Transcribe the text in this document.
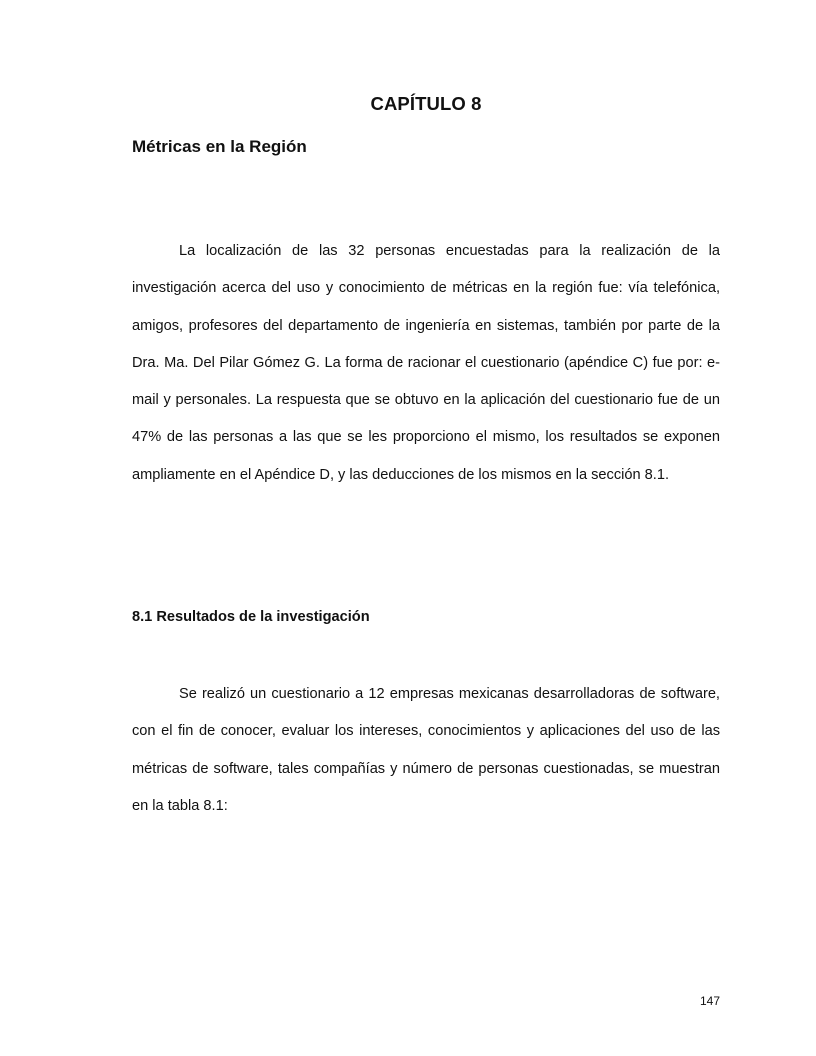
CAPÍTULO 8
Métricas en la Región

La localización de las 32 personas encuestadas para la realización de la investigación acerca del uso y conocimiento de métricas en la región fue: vía telefónica, amigos, profesores del departamento de ingeniería en sistemas, también por parte de la Dra. Ma. Del Pilar Gómez G. La forma de racionar el cuestionario (apéndice C) fue por: e-mail y personales. La respuesta que se obtuvo en la aplicación del cuestionario fue de un 47% de las personas a las que se les proporciono el mismo, los resultados se exponen ampliamente en el Apéndice D, y las deducciones de los mismos en la sección 8.1.

8.1 Resultados de la investigación

Se realizó un cuestionario a 12 empresas mexicanas desarrolladoras de software, con el fin de conocer, evaluar los intereses, conocimientos y aplicaciones del uso de las métricas de software, tales compañías y número de personas cuestionadas, se muestran en la tabla 8.1:

147
